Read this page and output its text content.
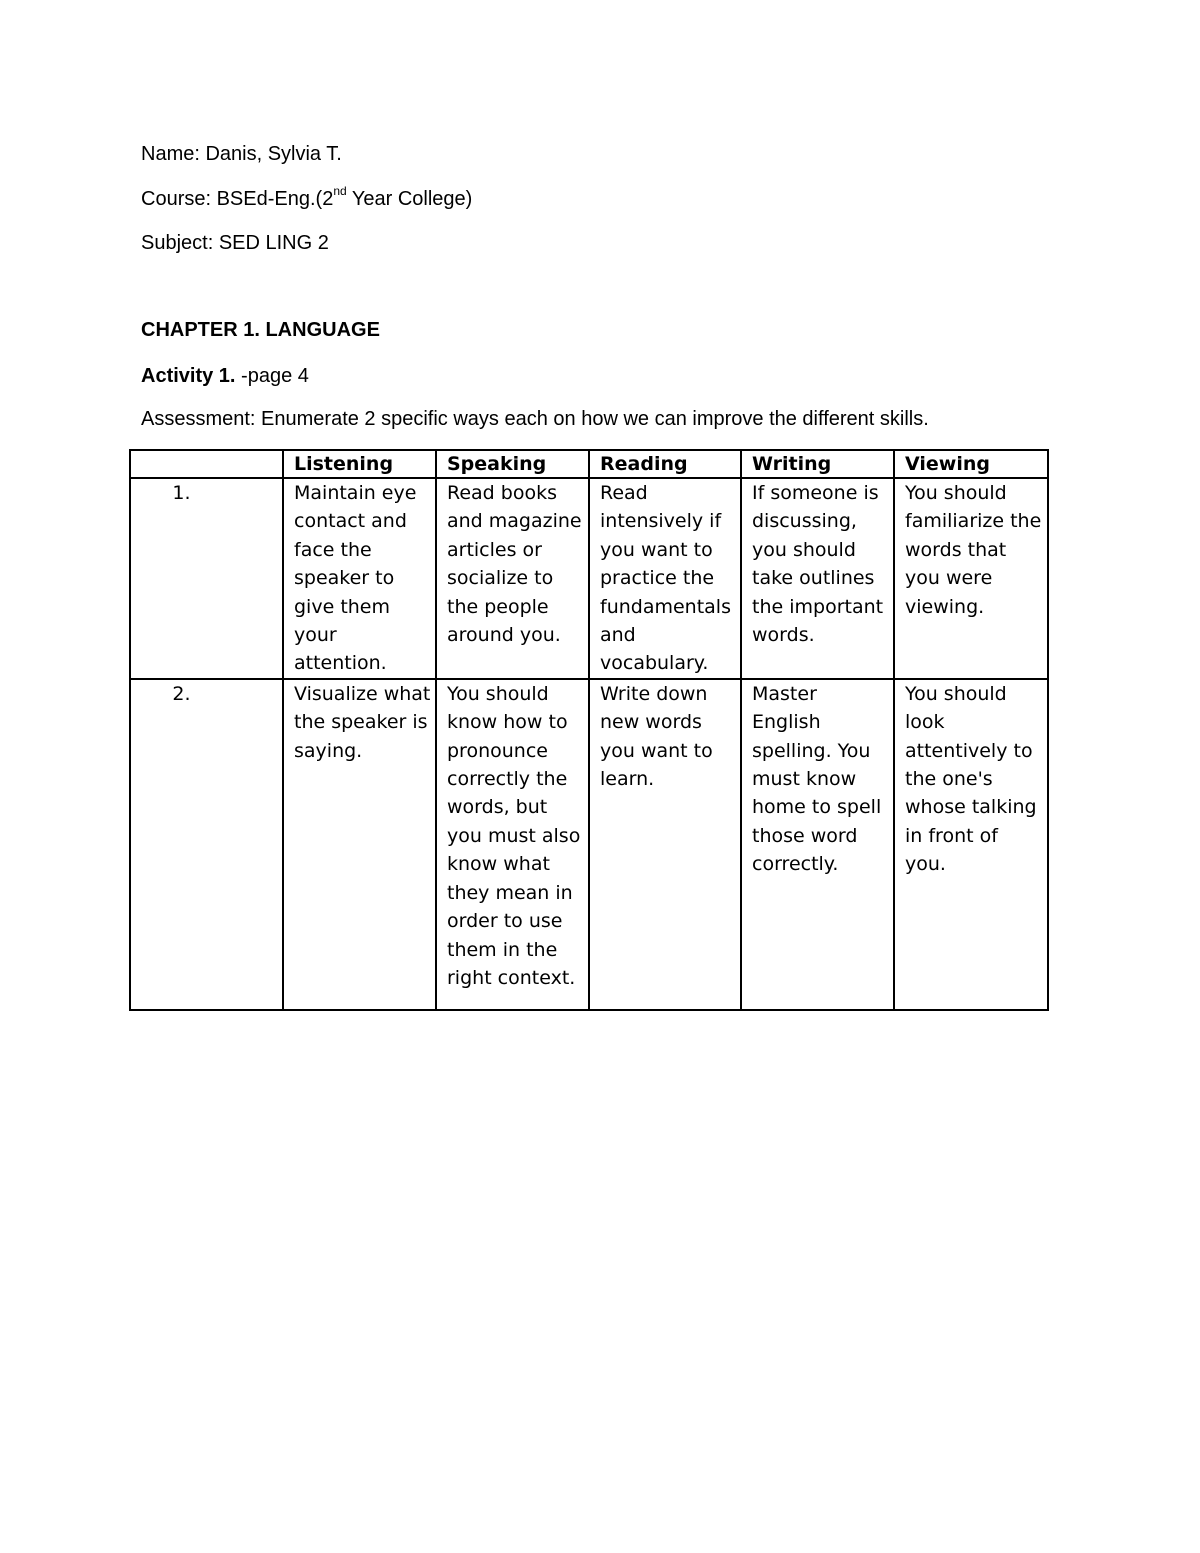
Name: Danis, Sylvia T.
Course: BSEd-Eng.(2nd Year College)
Subject: SED LING 2
CHAPTER 1. LANGUAGE
Activity 1. -page 4
Assessment: Enumerate 2 specific ways each on how we can improve the different skills.
	Listening	Speaking	Reading	Writing	Viewing
1.	Maintain eye contact and face the speaker to give them your attention.	Read books and magazine articles or socialize to the people around you.	Read intensively if you want to practice the fundamentals and vocabulary.	If someone is discussing, you should take outlines the important words.	You should familiarize the words that you were viewing.
2.	Visualize what the speaker is saying.	You should know how to pronounce correctly the words, but you must also know what they mean in order to use them in the right context.	Write down new words you want to learn.	Master English spelling. You must know home to spell those word correctly.	You should look attentively to the one's whose talking in front of you.
